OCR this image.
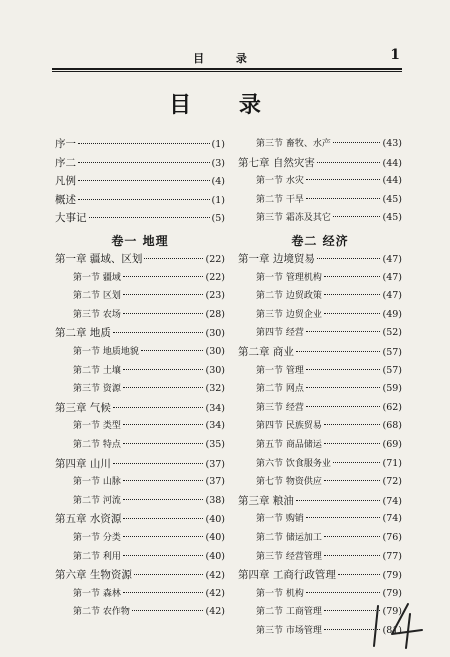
目 录	1
目 录
序一	(1)
序二	(3)
凡例	(4)
概述	(1)
大事记	(5)
卷一 地理
第一章 疆域、区划	(22)
第一节 疆域	(22)
第二节 区划	(23)
第三节 农场	(28)
第二章 地质	(30)
第一节 地质地貌	(30)
第二节 土壤	(30)
第三节 资源	(32)
第三章 气候	(34)
第一节 类型	(34)
第二节 特点	(35)
第四章 山川	(37)
第一节 山脉	(37)
第二节 河流	(38)
第五章 水资源	(40)
第一节 分类	(40)
第二节 利用	(40)
第六章 生物资源	(42)
第一节 森林	(42)
第二节 农作物	(42)
第三节 畜牧、水产	(43)
第七章 自然灾害	(44)
第一节 水灾	(44)
第二节 干旱	(45)
第三节 霜冻及其它	(45)
卷二 经济
第一章 边境贸易	(47)
第一节 管理机构	(47)
第二节 边贸政策	(47)
第三节 边贸企业	(49)
第四节 经营	(52)
第二章 商业	(57)
第一节 管理	(57)
第二节 网点	(59)
第三节 经营	(62)
第四节 民族贸易	(68)
第五节 商品储运	(69)
第六节 饮食服务业	(71)
第七节 物资供应	(72)
第三章 粮油	(74)
第一节 购销	(74)
第二节 储运加工	(76)
第三节 经营管理	(77)
第四章 工商行政管理	(79)
第一节 机构	(79)
第二节 工商管理	(79)
第三节 市场管理	(81)
